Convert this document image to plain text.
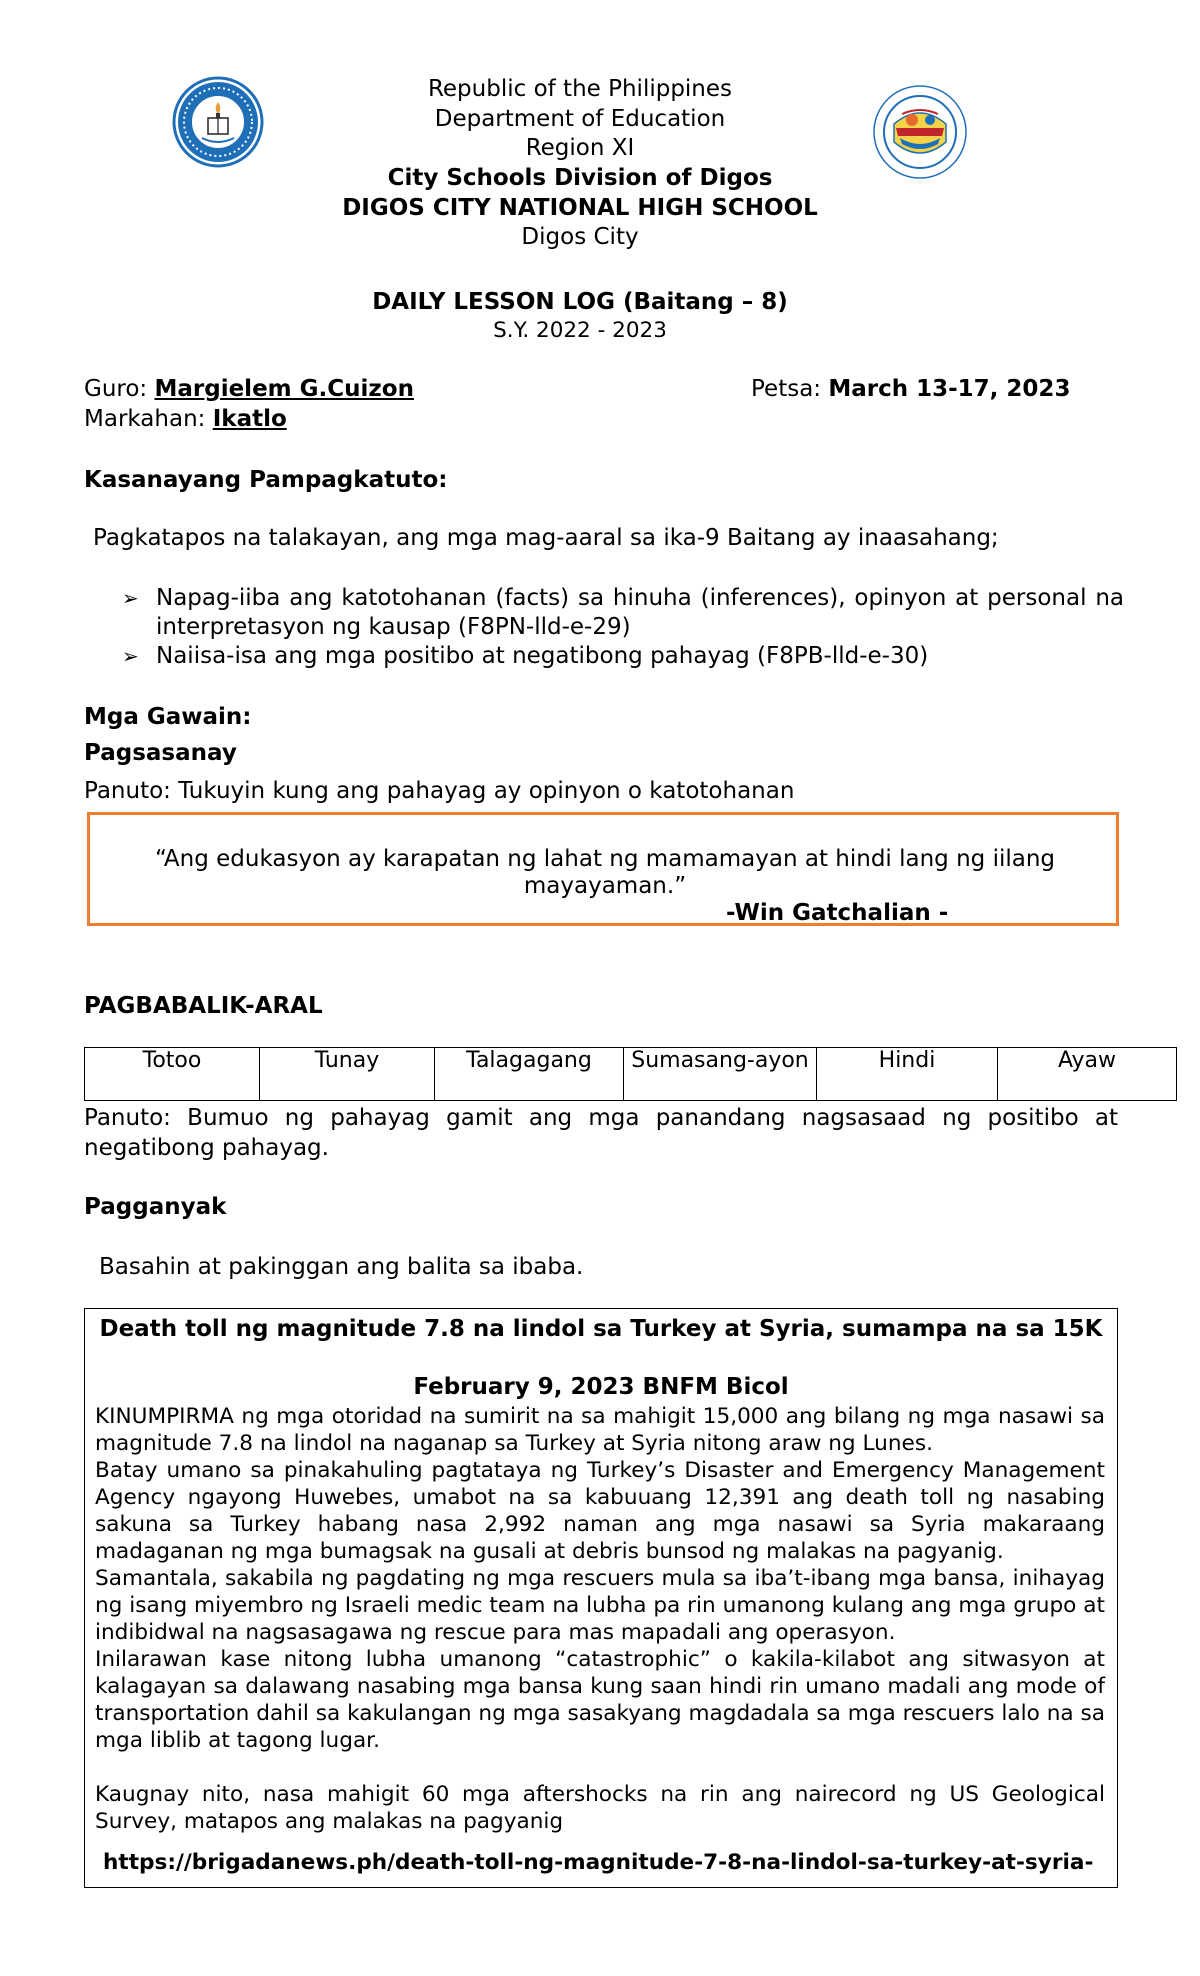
Republic of the Philippines
Department of Education
Region XI
City Schools Division of Digos
DIGOS CITY NATIONAL HIGH SCHOOL
Digos City
DAILY LESSON LOG (Baitang – 8)
S.Y. 2022 - 2023
Guro: Margielem G.Cuizon	Petsa: March 13-17, 2023
Markahan: Ikatlo
Kasanayang Pampagkatuto:
Pagkatapos na talakayan, ang mga mag-aaral sa ika-9 Baitang ay inaasahang;
➢ Napag-iiba ang katotohanan (facts) sa hinuha (inferences), opinyon at personal na interpretasyon ng kausap (F8PN-lld-e-29)
➢ Naiisa-isa ang mga positibo at negatibong pahayag (F8PB-lld-e-30)
Mga Gawain:
Pagsasanay
Panuto: Tukuyin kung ang pahayag ay opinyon o katotohanan
“Ang edukasyon ay karapatan ng lahat ng mamamayan at hindi lang ng iilang mayayaman.”
-Win Gatchalian -
PAGBABALIK-ARAL
Totoo	Tunay	Talagagang	Sumasang-ayon	Hindi	Ayaw
Panuto: Bumuo ng pahayag gamit ang mga panandang nagsasaad ng positibo at negatibong pahayag.
Pagganyak
Basahin at pakinggan ang balita sa ibaba.
Death toll ng magnitude 7.8 na lindol sa Turkey at Syria, sumampa na sa 15K
February 9, 2023 BNFM Bicol

KINUMPIRMA ng mga otoridad na sumirit na sa mahigit 15,000 ang bilang ng mga nasawi sa magnitude 7.8 na lindol na naganap sa Turkey at Syria nitong araw ng Lunes.

Batay umano sa pinakahuling pagtataya ng Turkey’s Disaster and Emergency Management Agency ngayong Huwebes, umabot na sa kabuuang 12,391 ang death toll ng nasabing sakuna sa Turkey habang nasa 2,992 naman ang mga nasawi sa Syria makaraang madaganan ng mga bumagsak na gusali at debris bunsod ng malakas na pagyanig.

Samantala, sakabila ng pagdating ng mga rescuers mula sa iba’t-ibang mga bansa, inihayag ng isang miyembro ng Israeli medic team na lubha pa rin umanong kulang ang mga grupo at indibidwal na nagsasagawa ng rescue para mas mapadali ang operasyon.

Inilarawan kase nitong lubha umanong “catastrophic” o kakila-kilabot ang sitwasyon at kalagayan sa dalawang nasabing mga bansa kung saan hindi rin umano madali ang mode of transportation dahil sa kakulangan ng mga sasakyang magdadala sa mga rescuers lalo na sa mga liblib at tagong lugar.

Kaugnay nito, nasa mahigit 60 mga aftershocks na rin ang nairecord ng US Geological Survey, matapos ang malakas na pagyanig

https://brigadanews.ph/death-toll-ng-magnitude-7-8-na-lindol-sa-turkey-at-syria-
